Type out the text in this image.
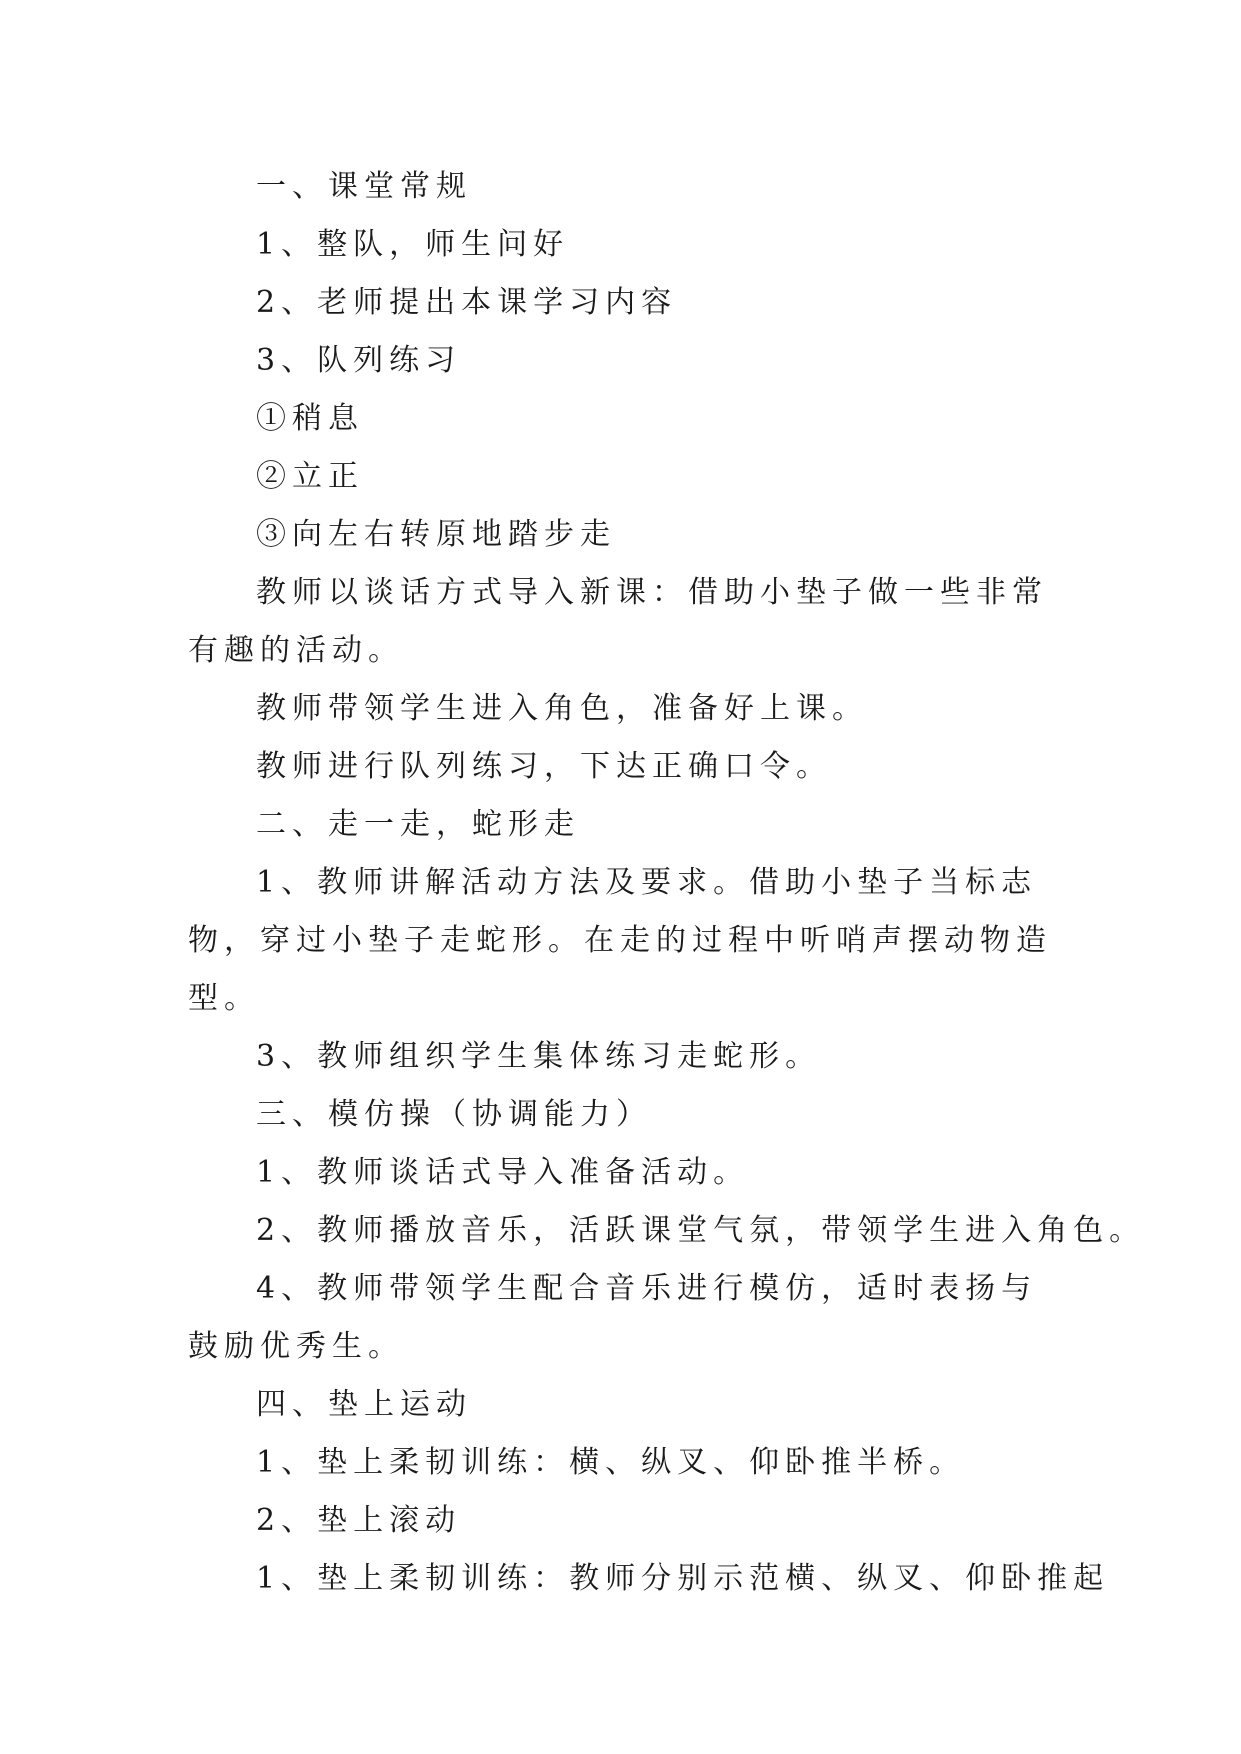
一、课堂常规

1、整队，师生问好

2、老师提出本课学习内容

3、队列练习

①稍息

②立正

③向左右转原地踏步走

教师以谈话方式导入新课：借助小垫子做一些非常有趣的活动。

教师带领学生进入角色，准备好上课。

教师进行队列练习，下达正确口令。

二、走一走，蛇形走

1、教师讲解活动方法及要求。借助小垫子当标志物，穿过小垫子走蛇形。在走的过程中听哨声摆动物造型。

3、教师组织学生集体练习走蛇形。

三、模仿操（协调能力）

1、教师谈话式导入准备活动。

2、教师播放音乐，活跃课堂气氛，带领学生进入角色。

4、教师带领学生配合音乐进行模仿，适时表扬与鼓励优秀生。

四、垫上运动

1、垫上柔韧训练：横、纵叉、仰卧推半桥。

2、垫上滚动

1、垫上柔韧训练：教师分别示范横、纵叉、仰卧推起
